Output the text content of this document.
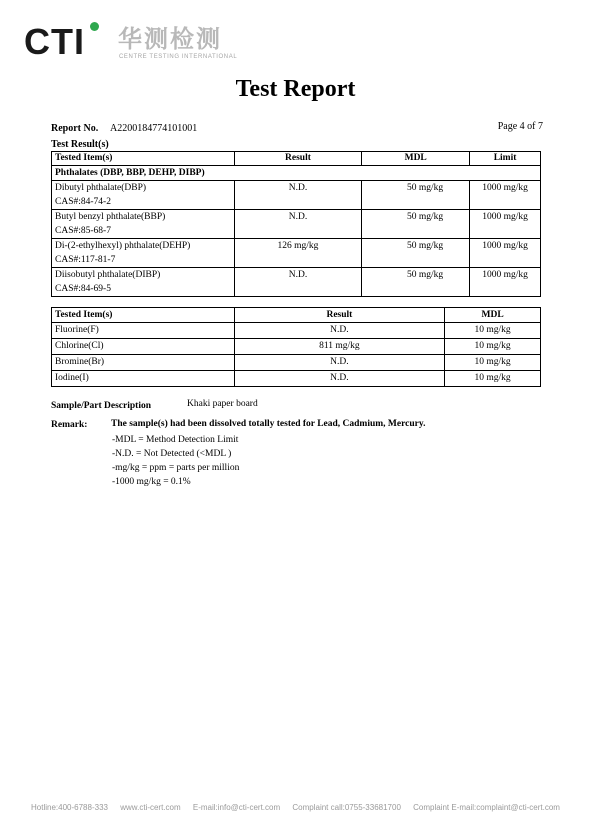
CTI 华测检测
CENTRE TESTING INTERNATIONAL
Test Report
Report No. A2200184774101001	Page 4 of 7
Test Result(s)
Tested Item(s)	Result	MDL	Limit
Phthalates (DBP, BBP, DEHP, DIBP)			
Dibutyl phthalate(DBP)
CAS#:84-74-2	N.D.	50 mg/kg	1000 mg/kg
Butyl benzyl phthalate(BBP)
CAS#:85-68-7	N.D.	50 mg/kg	1000 mg/kg
Di-(2-ethylhexyl) phthalate(DEHP)
CAS#:117-81-7	126 mg/kg	50 mg/kg	1000 mg/kg
Diisobutyl phthalate(DIBP)
CAS#:84-69-5	N.D.	50 mg/kg	1000 mg/kg
Tested Item(s)	Result	MDL
Fluorine(F)	N.D.	10 mg/kg
Chlorine(Cl)	811 mg/kg	10 mg/kg
Bromine(Br)	N.D.	10 mg/kg
Iodine(I)	N.D.	10 mg/kg
Sample/Part Description	Khaki paper board
Remark: The sample(s) had been dissolved totally tested for Lead, Cadmium, Mercury.
-MDL = Method Detection Limit
-N.D. = Not Detected (<MDL )
-mg/kg = ppm = parts per million
-1000 mg/kg = 0.1%
Hotline:400-6788-333 www.cti-cert.com E-mail:info@cti-cert.com Complaint call:0755-33681700 Complaint E-mail:complaint@cti-cert.com
